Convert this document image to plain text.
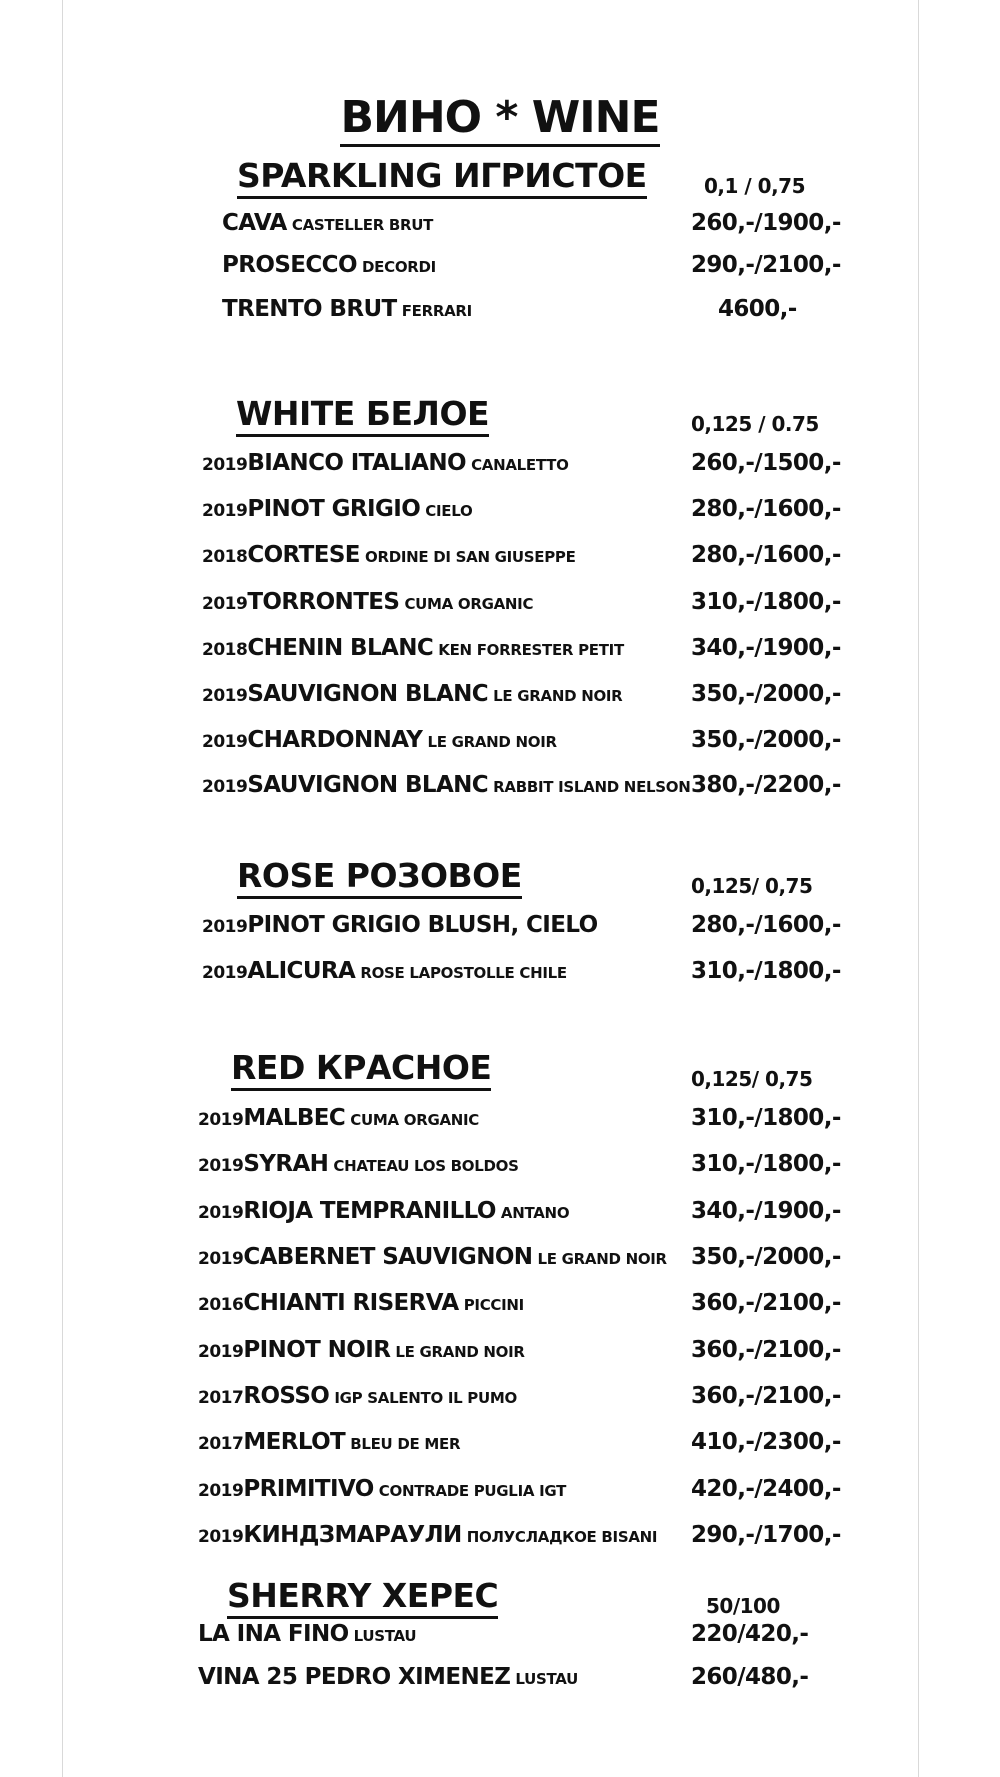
ВИНО * WINE
SPARKLING ИГРИСТОЕ	0,1 / 0,75
CAVA CASTELLER BRUT	260,-/1900,-
PROSECCO DECORDI	290,-/2100,-
TRENTO BRUT FERRARI	4600,-
WHITE БЕЛОЕ	0,125 / 0.75
2019BIANCO ITALIANO CANALETTO	260,-/1500,-
2019PINOT GRIGIO CIELO	280,-/1600,-
2018CORTESE ORDINE DI SAN GIUSEPPE	280,-/1600,-
2019TORRONTES CUMA ORGANIC	310,-/1800,-
2018CHENIN BLANC KEN FORRESTER PETIT	340,-/1900,-
2019SAUVIGNON BLANC LE GRAND NOIR	350,-/2000,-
2019CHARDONNAY LE GRAND NOIR	350,-/2000,-
2019SAUVIGNON BLANC RABBIT ISLAND NELSON 380,-/2200,-
ROSE РОЗОВОЕ	0,125/ 0,75
2019PINOT GRIGIO BLUSH, CIELO	280,-/1600,-
2019ALICURA ROSE LAPOSTOLLE CHILE	310,-/1800,-
RED КРАСНОЕ	0,125/ 0,75
2019MALBEC CUMA ORGANIC	310,-/1800,-
2019SYRAH CHATEAU LOS BOLDOS	310,-/1800,-
2019RIOJA TEMPRANILLO ANTANO	340,-/1900,-
2019CABERNET SAUVIGNON LE GRAND NOIR 350,-/2000,-
2016CHIANTI RISERVA PICCINI	360,-/2100,-
2019PINOT NOIR LE GRAND NOIR	360,-/2100,-
2017ROSSO IGP SALENTO IL PUMO	360,-/2100,-
2017MERLOT BLEU DE MER	410,-/2300,-
2019PRIMITIVO CONTRADE PUGLIA IGT	420,-/2400,-
2019КИНДЗМАРАУЛИ ПОЛУСЛАДКОЕ BISANI 290,-/1700,-
SHERRY ХЕРЕС	50/100
LA INA FINO LUSTAU	220/420,-
VINA 25 PEDRO XIMENEZ LUSTAU	260/480,-
